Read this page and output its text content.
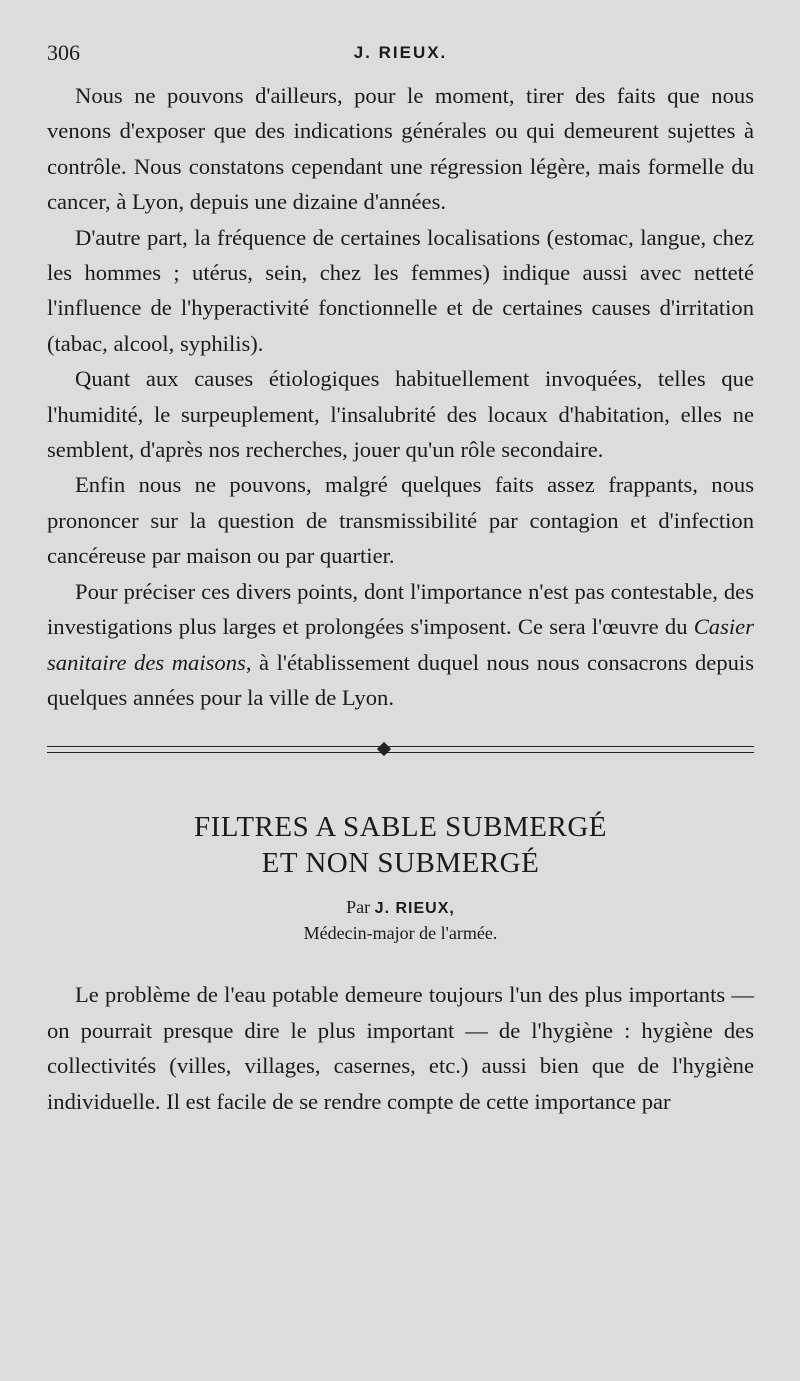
306	J. RIEUX.

Nous ne pouvons d'ailleurs, pour le moment, tirer des faits que nous venons d'exposer que des indications générales ou qui demeurent sujettes à contrôle. Nous constatons cependant une régression légère, mais formelle du cancer, à Lyon, depuis une dizaine d'années.

D'autre part, la fréquence de certaines localisations (estomac, langue, chez les hommes ; utérus, sein, chez les femmes) indique aussi avec netteté l'influence de l'hyperactivité fonctionnelle et de certaines causes d'irritation (tabac, alcool, syphilis).

Quant aux causes étiologiques habituellement invoquées, telles que l'humidité, le surpeuplement, l'insalubrité des locaux d'habitation, elles ne semblent, d'après nos recherches, jouer qu'un rôle secondaire.

Enfin nous ne pouvons, malgré quelques faits assez frappants, nous prononcer sur la question de transmissibilité par contagion et d'infection cancéreuse par maison ou par quartier.

Pour préciser ces divers points, dont l'importance n'est pas contestable, des investigations plus larges et prolongées s'imposent. Ce sera l'œuvre du Casier sanitaire des maisons, à l'établissement duquel nous nous consacrons depuis quelques années pour la ville de Lyon.

FILTRES A SABLE SUBMERGÉ
ET NON SUBMERGÉ
Par J. RIEUX,
Médecin-major de l'armée.

Le problème de l'eau potable demeure toujours l'un des plus importants — on pourrait presque dire le plus important — de l'hygiène : hygiène des collectivités (villes, villages, casernes, etc.) aussi bien que de l'hygiène individuelle. Il est facile de se rendre compte de cette importance par
